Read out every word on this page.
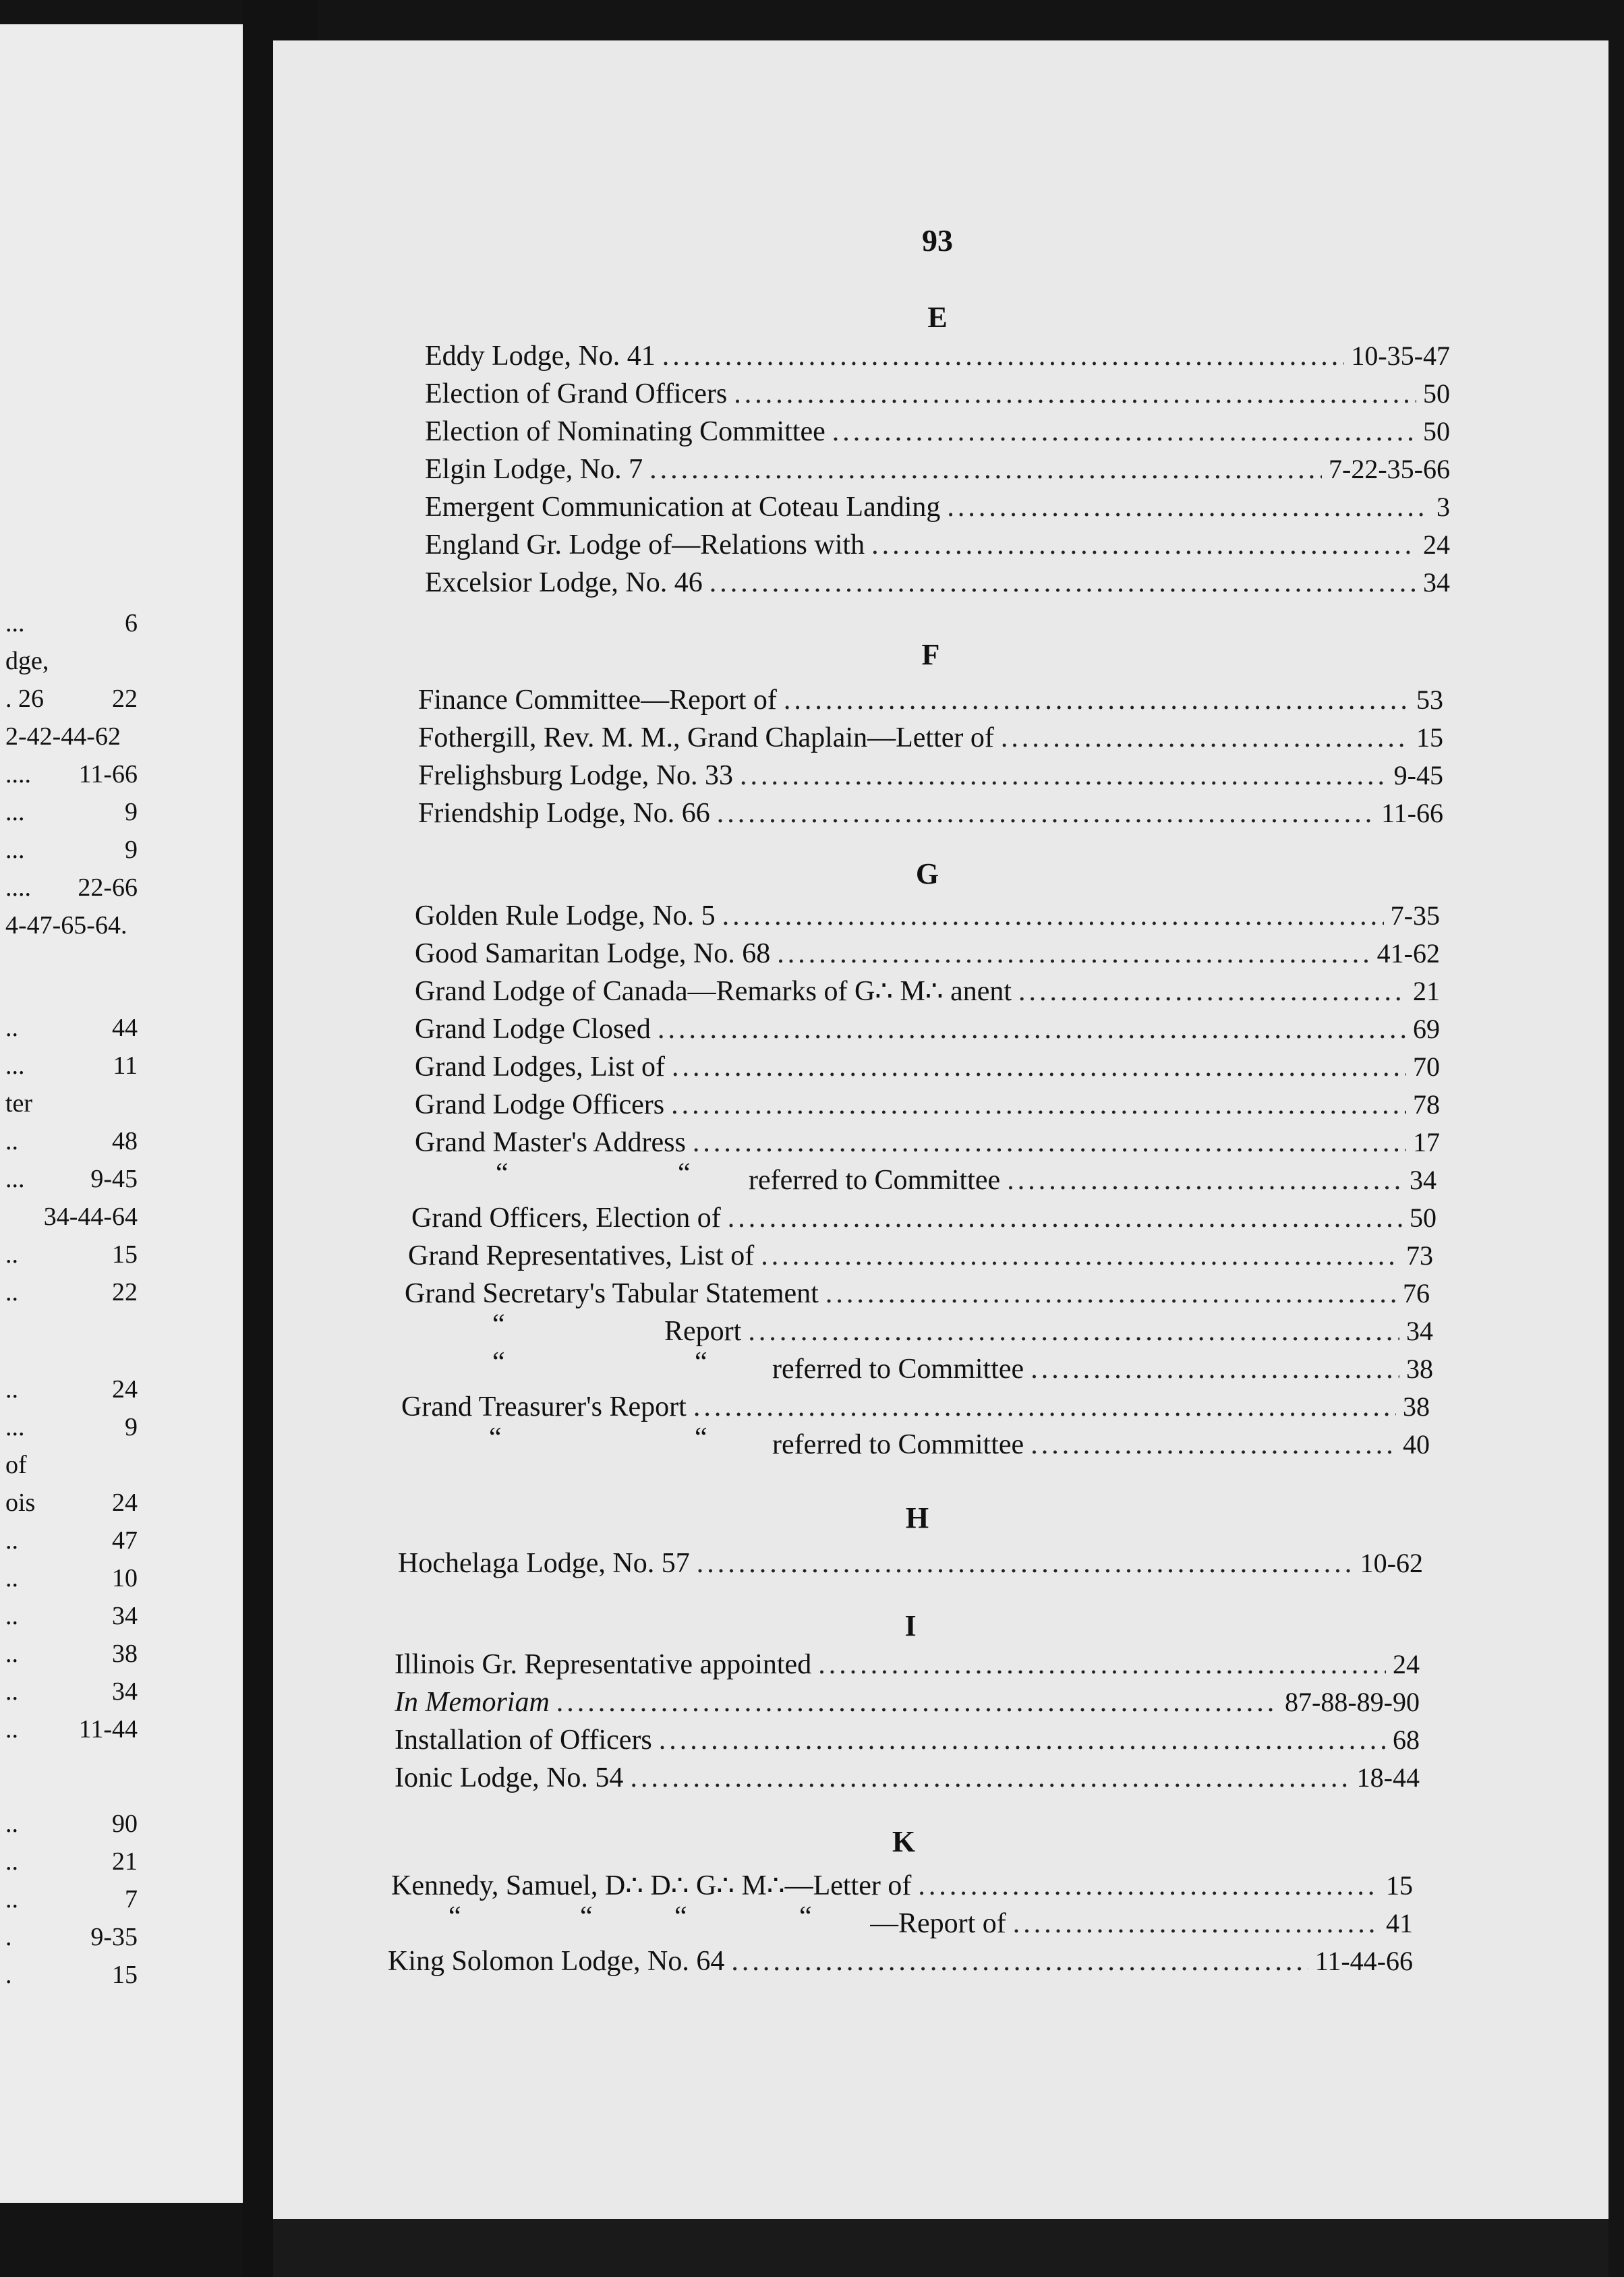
...	6
dge,
. 26	22
2-42-44-62
.... 11-66
...	9
...	9
.... 22-66
4-47-65-64.
..	44
...	11
ter
..	48
...	9-45
34-44-64
..	15
..	22
..	24
...	9
of
ois	24
..	47
..	10
..	34
..	38
..	34
.. 11-44
..	90
..	21
..	7
.	9-35
.	15
93
E
Eddy Lodge, No. 41 .....	10-35-47
Election of Grand Officers .....	50
Election of Nominating Committee .....	50
Elgin Lodge, No. 7 .....	7-22-35-66
Emergent Communication at Coteau Landing .....	3
England Gr. Lodge of—Relations with .....	24
Excelsior Lodge, No. 46 .....	34
F
Finance Committee—Report of .....	53
Fothergill, Rev. M. M., Grand Chaplain—Letter of .....	15
Frelighsburg Lodge, No. 33 .....	9-45
Friendship Lodge, No. 66 .....	11-66
G
Golden Rule Lodge, No. 5 .....	7-35
Good Samaritan Lodge, No. 68 .....	41-62
Grand Lodge of Canada—Remarks of G∴ M∴ anent .....	21
Grand Lodge Closed .....	69
Grand Lodges, List of .....	70
Grand Lodge Officers .....	78
Grand Master's Address .....	17
“	“ referred to Committee .....	34
Grand Officers, Election of .....	50
Grand Representatives, List of .....	73
Grand Secretary's Tabular Statement .....	76
“	Report .....	34
“	“ referred to Committee .....	38
Grand Treasurer's Report .....	38
“	“ referred to Committee .....	40
H
Hochelaga Lodge, No. 57 .....	10-62
I
Illinois Gr. Representative appointed .....	24
In Memoriam .....	87-88-89-90
Installation of Officers .....	68
Ionic Lodge, No. 54 .....	18-44
K
Kennedy, Samuel, D∴ D∴ G∴ M∴—Letter of .....	15
“	“	“	“ —Report of .....	41
King Solomon Lodge, No. 64 .....	11-44-66
